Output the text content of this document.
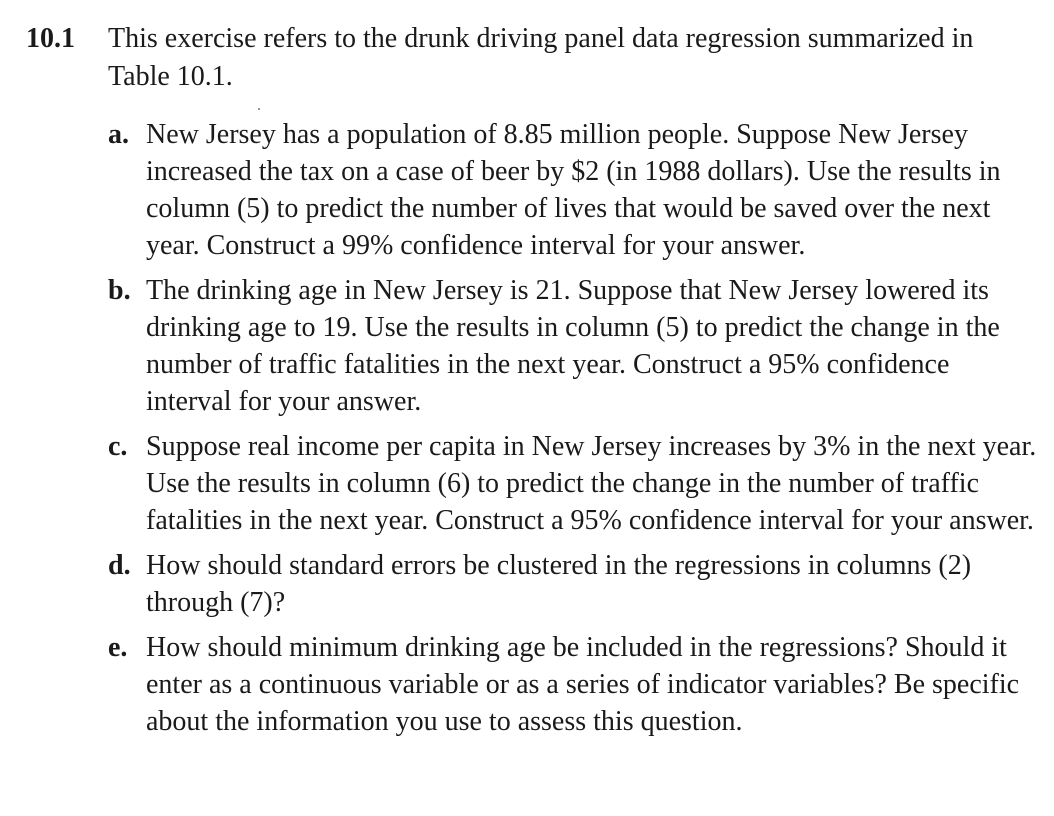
10.1 This exercise refers to the drunk driving panel data regression summarized in Table 10.1.
a. New Jersey has a population of 8.85 million people. Suppose New Jersey increased the tax on a case of beer by $2 (in 1988 dollars). Use the results in column (5) to predict the number of lives that would be saved over the next year. Construct a 99% confidence interval for your answer.
b. The drinking age in New Jersey is 21. Suppose that New Jersey lowered its drinking age to 19. Use the results in column (5) to predict the change in the number of traffic fatalities in the next year. Construct a 95% confidence interval for your answer.
c. Suppose real income per capita in New Jersey increases by 3% in the next year. Use the results in column (6) to predict the change in the number of traffic fatalities in the next year. Construct a 95% confidence interval for your answer.
d. How should standard errors be clustered in the regressions in columns (2) through (7)?
e. How should minimum drinking age be included in the regressions? Should it enter as a continuous variable or as a series of indicator variables? Be specific about the information you use to assess this question.
